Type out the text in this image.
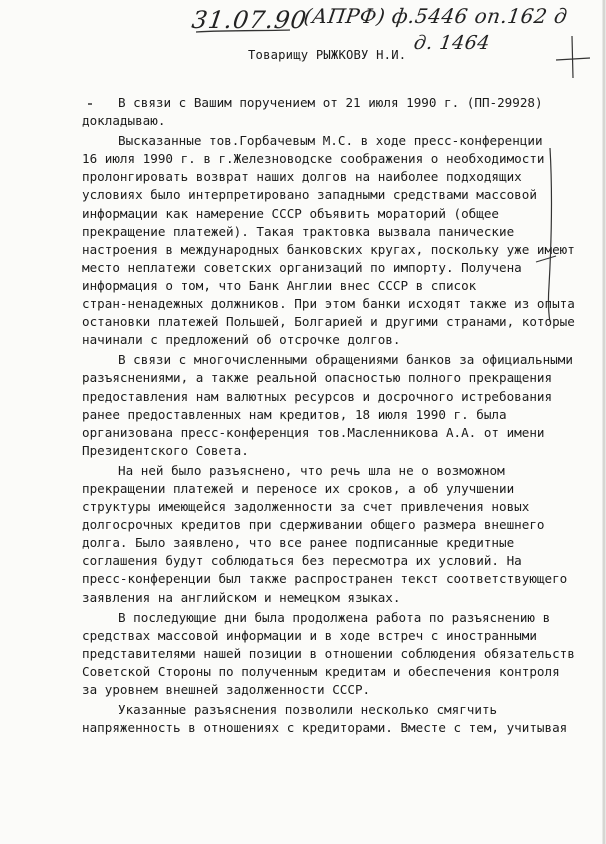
31.07.90
(АПРФ) ф.5446 оп.162 д
д. 1464
Товарищу РЫЖКОВУ Н.И.
В связи с Вашим поручением от 21 июля 1990 г. (ПП-29928)
докладываю.
Высказанные тов.Горбачевым М.С. в ходе пресс-конференции
16 июля 1990 г. в г.Железноводске соображения о необходимости
пролонгировать возврат наших долгов на наиболее подходящих
условиях было интерпретировано западными средствами массовой
информации как намерение СССР объявить мораторий (общее
прекращение платежей). Такая трактовка вызвала панические
настроения в международных банковских кругах, поскольку уже имеют
место неплатежи советских организаций по импорту. Получена
информация о том, что Банк Англии внес СССР в список
стран-ненадежных должников. При этом банки исходят также из опыта
остановки платежей Польшей, Болгарией и другими странами, которые
начинали с предложений об отсрочке долгов.
В связи с многочисленными обращениями банков за официальными
разъяснениями, а также реальной опасностью полного прекращения
предоставления нам валютных ресурсов и досрочного истребования
ранее предоставленных нам кредитов, 18 июля 1990 г. была
организована пресс-конференция тов.Масленникова А.А. от имени
Президентского Совета.
На ней было разъяснено, что речь шла не о возможном
прекращении платежей и переносе их сроков, а об улучшении
структуры имеющейся задолженности за счет привлечения новых
долгосрочных кредитов при сдерживании общего размера внешнего
долга. Было заявлено, что все ранее подписанные кредитные
соглашения будут соблюдаться без пересмотра их условий. На
пресс-конференции был также распространен текст соответствующего
заявления на английском и немецком языках.
В последующие дни была продолжена работа по разъяснению в
средствах массовой информации и в ходе встреч с иностранными
представителями нашей позиции в отношении соблюдения обязательств
Советской Стороны по полученным кредитам и обеспечения контроля
за уровнем внешней задолженности СССР.
Указанные разъяснения позволили несколько смягчить
напряженность в отношениях с кредиторами. Вместе с тем, учитывая
